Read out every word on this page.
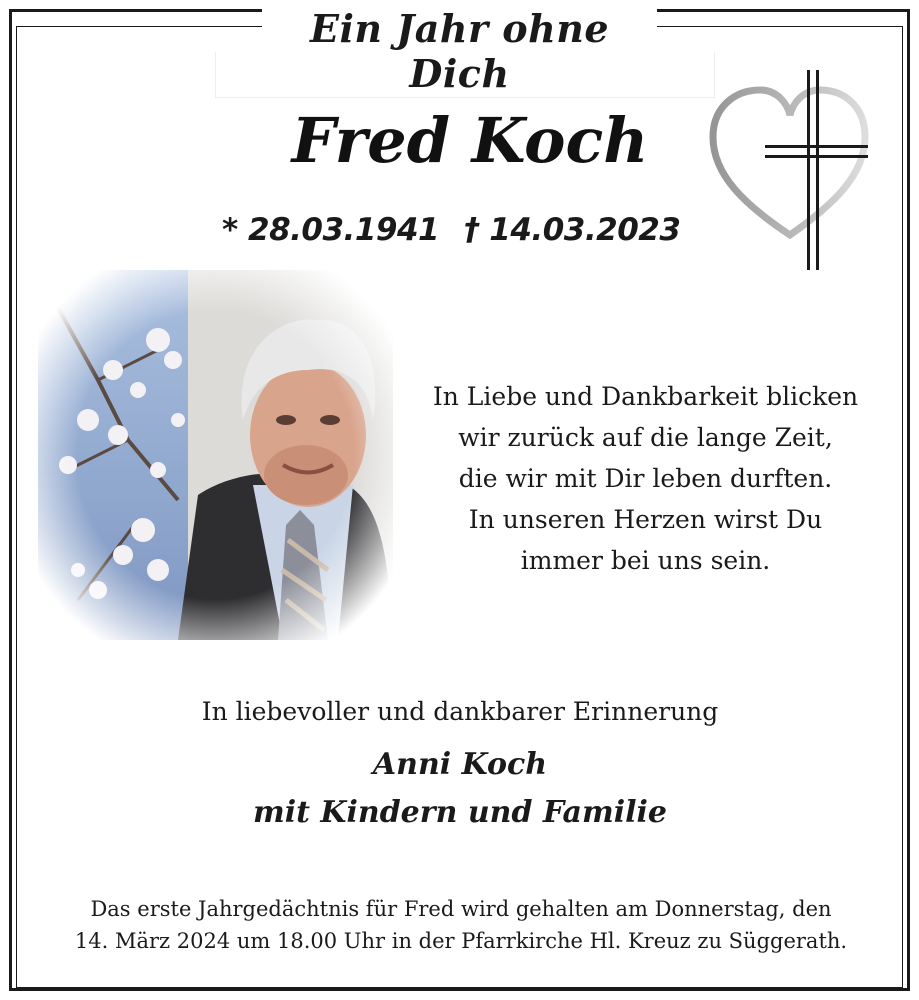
Ein Jahr ohne Dich
Fred Koch
* 28.03.1941 † 14.03.2023
In Liebe und Dankbarkeit blicken
wir zurück auf die lange Zeit,
die wir mit Dir leben durften.
In unseren Herzen wirst Du
immer bei uns sein.
In liebevoller und dankbarer Erinnerung
Anni Koch
mit Kindern und Familie
Das erste Jahrgedächtnis für Fred wird gehalten am Donnerstag, den
14. März 2024 um 18.00 Uhr in der Pfarrkirche Hl. Kreuz zu Süggerath.
